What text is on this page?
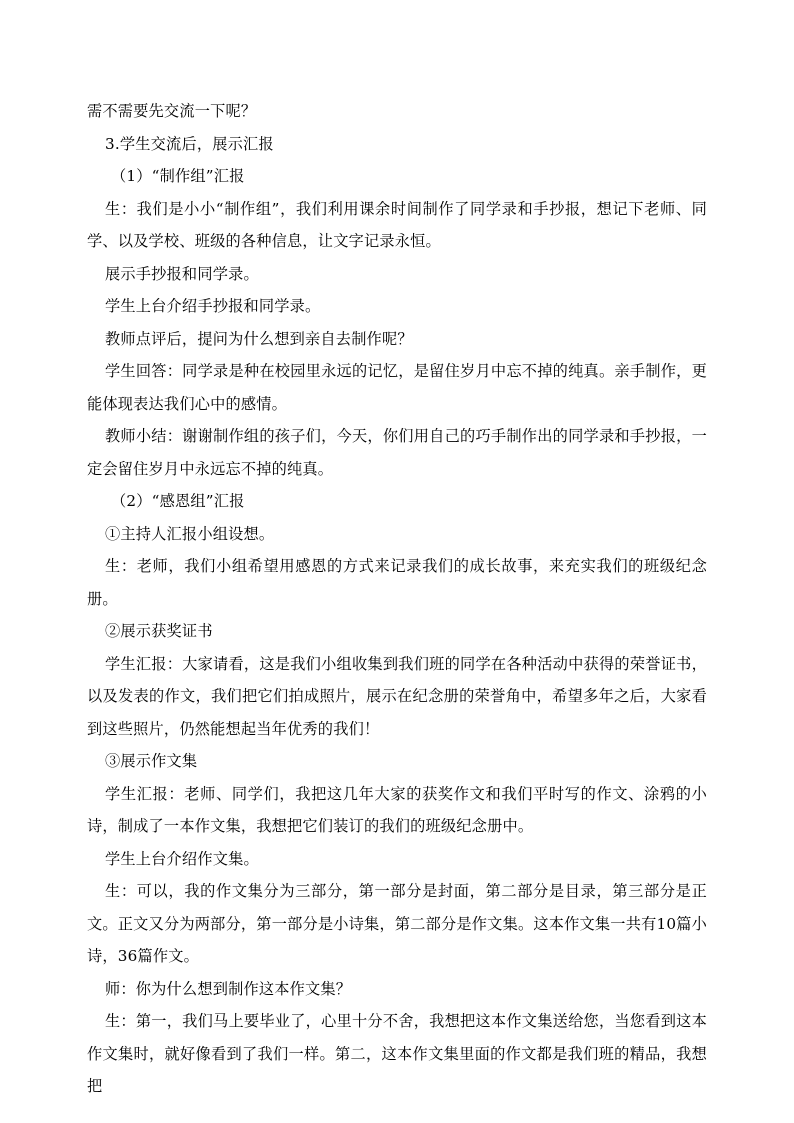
需不需要先交流一下呢？

3.学生交流后，展示汇报

（1）“制作组”汇报

生：我们是小小“制作组”，我们利用课余时间制作了同学录和手抄报，想记下老师、同学、以及学校、班级的各种信息，让文字记录永恒。

展示手抄报和同学录。

学生上台介绍手抄报和同学录。

教师点评后，提问为什么想到亲自去制作呢？

学生回答：同学录是种在校园里永远的记忆，是留住岁月中忘不掉的纯真。亲手制作，更能体现表达我们心中的感情。

教师小结：谢谢制作组的孩子们，今天，你们用自己的巧手制作出的同学录和手抄报，一定会留住岁月中永远忘不掉的纯真。

（2）“感恩组”汇报

①主持人汇报小组设想。

生：老师，我们小组希望用感恩的方式来记录我们的成长故事，来充实我们的班级纪念册。

②展示获奖证书

学生汇报：大家请看，这是我们小组收集到我们班的同学在各种活动中获得的荣誉证书，以及发表的作文，我们把它们拍成照片，展示在纪念册的荣誉角中，希望多年之后，大家看到这些照片，仍然能想起当年优秀的我们！

③展示作文集

学生汇报：老师、同学们，我把这几年大家的获奖作文和我们平时写的作文、涂鸦的小诗，制成了一本作文集，我想把它们装订的我们的班级纪念册中。

学生上台介绍作文集。

生：可以，我的作文集分为三部分，第一部分是封面，第二部分是目录，第三部分是正文。正文又分为两部分，第一部分是小诗集，第二部分是作文集。这本作文集一共有10篇小诗，36篇作文。

师：你为什么想到制作这本作文集？

生：第一，我们马上要毕业了，心里十分不舍，我想把这本作文集送给您，当您看到这本作文集时，就好像看到了我们一样。第二，这本作文集里面的作文都是我们班的精品，我想把
